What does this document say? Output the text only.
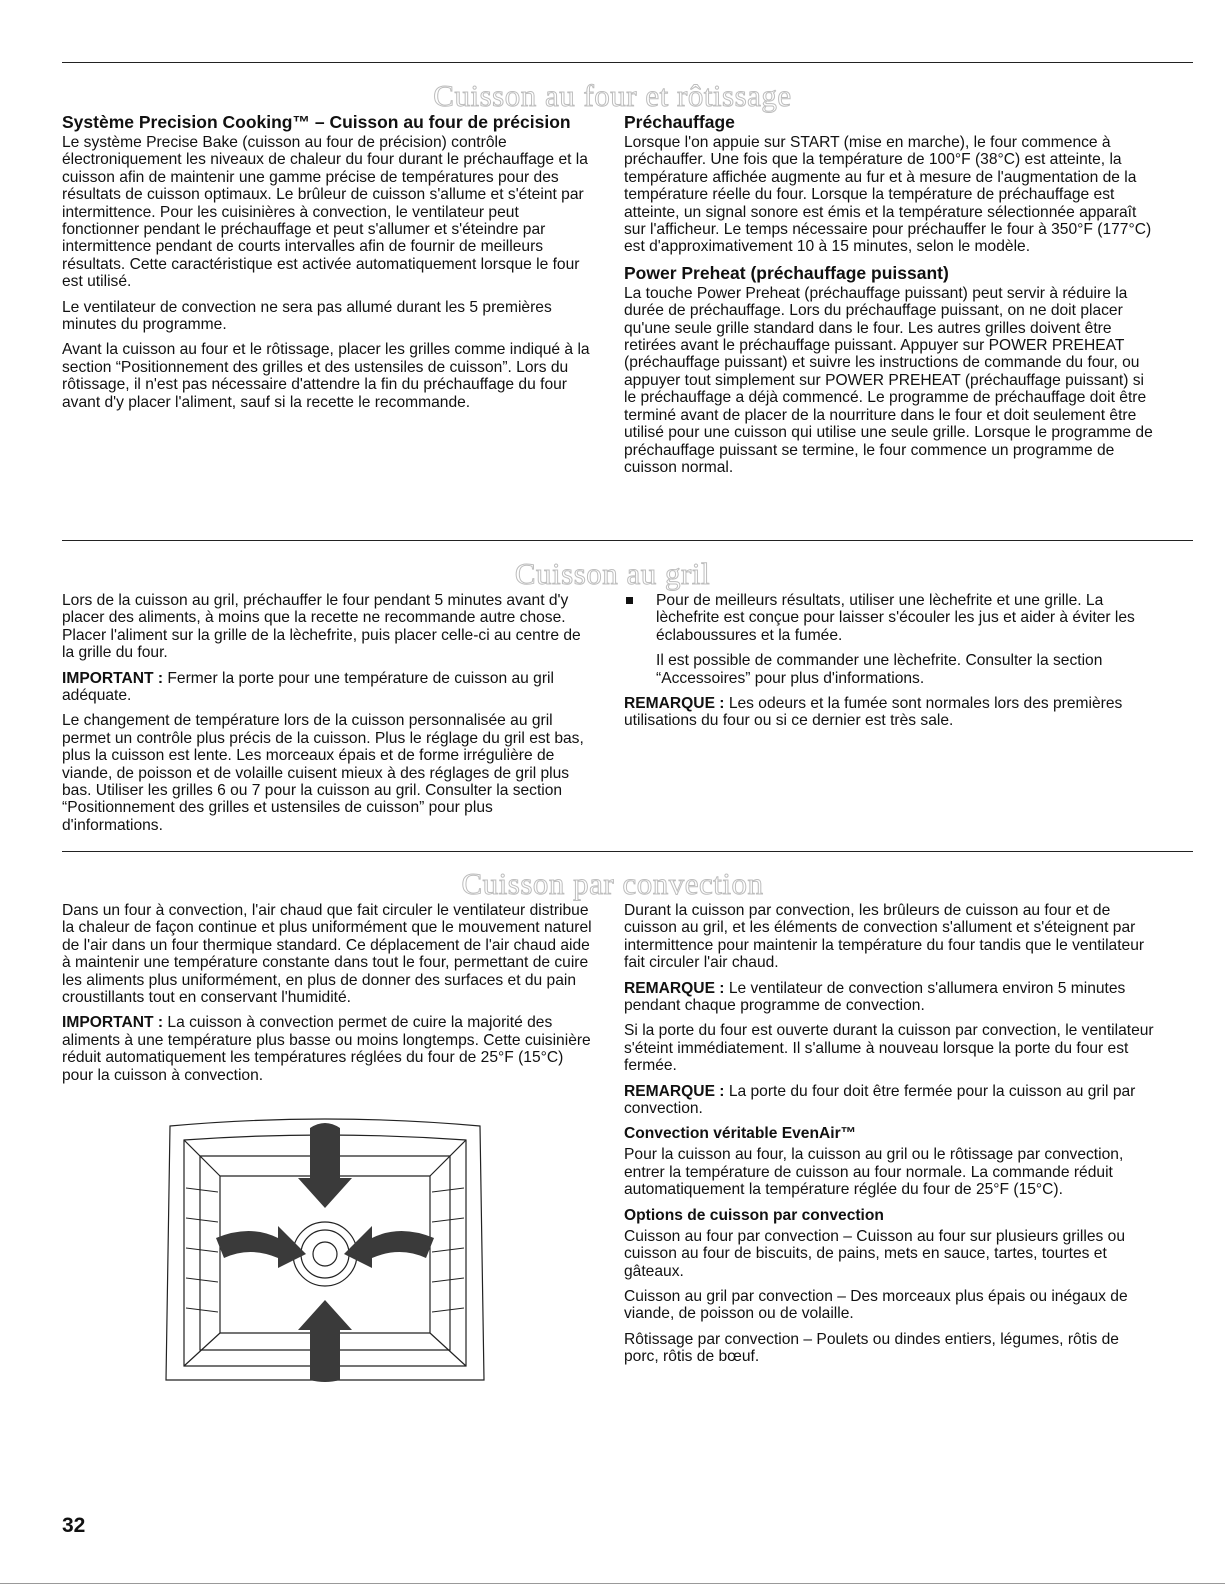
Cuisson au four et rôtissage
Système Precision Cooking™ – Cuisson au four de précision

Le système Precise Bake (cuisson au four de précision) contrôle électroniquement les niveaux de chaleur du four durant le préchauffage et la cuisson afin de maintenir une gamme précise de températures pour des résultats de cuisson optimaux. Le brûleur de cuisson s'allume et s'éteint par intermittence. Pour les cuisinières à convection, le ventilateur peut fonctionner pendant le préchauffage et peut s'allumer et s'éteindre par intermittence pendant de courts intervalles afin de fournir de meilleurs résultats. Cette caractéristique est activée automatiquement lorsque le four est utilisé.

Le ventilateur de convection ne sera pas allumé durant les 5 premières minutes du programme.

Avant la cuisson au four et le rôtissage, placer les grilles comme indiqué à la section “Positionnement des grilles et des ustensiles de cuisson”. Lors du rôtissage, il n'est pas nécessaire d'attendre la fin du préchauffage du four avant d'y placer l'aliment, sauf si la recette le recommande.

Préchauffage

Lorsque l'on appuie sur START (mise en marche), le four commence à préchauffer. Une fois que la température de 100°F (38°C) est atteinte, la température affichée augmente au fur et à mesure de l'augmentation de la température réelle du four. Lorsque la température de préchauffage est atteinte, un signal sonore est émis et la température sélectionnée apparaît sur l'afficheur. Le temps nécessaire pour préchauffer le four à 350°F (177°C) est d'approximativement 10 à 15 minutes, selon le modèle.

Power Preheat (préchauffage puissant)

La touche Power Preheat (préchauffage puissant) peut servir à réduire la durée de préchauffage. Lors du préchauffage puissant, on ne doit placer qu'une seule grille standard dans le four. Les autres grilles doivent être retirées avant le préchauffage puissant. Appuyer sur POWER PREHEAT (préchauffage puissant) et suivre les instructions de commande du four, ou appuyer tout simplement sur POWER PREHEAT (préchauffage puissant) si le préchauffage a déjà commencé. Le programme de préchauffage doit être terminé avant de placer de la nourriture dans le four et doit seulement être utilisé pour une cuisson qui utilise une seule grille. Lorsque le programme de préchauffage puissant se termine, le four commence un programme de cuisson normal.

Cuisson au gril

Lors de la cuisson au gril, préchauffer le four pendant 5 minutes avant d'y placer des aliments, à moins que la recette ne recommande autre chose. Placer l'aliment sur la grille de la lèchefrite, puis placer celle-ci au centre de la grille du four.

IMPORTANT : Fermer la porte pour une température de cuisson au gril adéquate.

Le changement de température lors de la cuisson personnalisée au gril permet un contrôle plus précis de la cuisson. Plus le réglage du gril est bas, plus la cuisson est lente. Les morceaux épais et de forme irrégulière de viande, de poisson et de volaille cuisent mieux à des réglages de gril plus bas. Utiliser les grilles 6 ou 7 pour la cuisson au gril. Consulter la section “Positionnement des grilles et ustensiles de cuisson” pour plus d'informations.

Pour de meilleurs résultats, utiliser une lèchefrite et une grille. La lèchefrite est conçue pour laisser s'écouler les jus et aider à éviter les éclaboussures et la fumée.

Il est possible de commander une lèchefrite. Consulter la section “Accessoires” pour plus d'informations.

REMARQUE : Les odeurs et la fumée sont normales lors des premières utilisations du four ou si ce dernier est très sale.

Cuisson par convection

Dans un four à convection, l'air chaud que fait circuler le ventilateur distribue la chaleur de façon continue et plus uniformément que le mouvement naturel de l'air dans un four thermique standard. Ce déplacement de l'air chaud aide à maintenir une température constante dans tout le four, permettant de cuire les aliments plus uniformément, en plus de donner des surfaces et du pain croustillants tout en conservant l'humidité.

IMPORTANT : La cuisson à convection permet de cuire la majorité des aliments à une température plus basse ou moins longtemps. Cette cuisinière réduit automatiquement les températures réglées du four de 25°F (15°C) pour la cuisson à convection.

Durant la cuisson par convection, les brûleurs de cuisson au four et de cuisson au gril, et les éléments de convection s'allument et s'éteignent par intermittence pour maintenir la température du four tandis que le ventilateur fait circuler l'air chaud.

REMARQUE : Le ventilateur de convection s'allumera environ 5 minutes pendant chaque programme de convection.

Si la porte du four est ouverte durant la cuisson par convection, le ventilateur s'éteint immédiatement. Il s'allume à nouveau lorsque la porte du four est fermée.

REMARQUE : La porte du four doit être fermée pour la cuisson au gril par convection.

Convection véritable EvenAir™

Pour la cuisson au four, la cuisson au gril ou le rôtissage par convection, entrer la température de cuisson au four normale. La commande réduit automatiquement la température réglée du four de 25°F (15°C).

Options de cuisson par convection

Cuisson au four par convection – Cuisson au four sur plusieurs grilles ou cuisson au four de biscuits, de pains, mets en sauce, tartes, tourtes et gâteaux.

Cuisson au gril par convection – Des morceaux plus épais ou inégaux de viande, de poisson ou de volaille.

Rôtissage par convection – Poulets ou dindes entiers, légumes, rôtis de porc, rôtis de bœuf.

32
